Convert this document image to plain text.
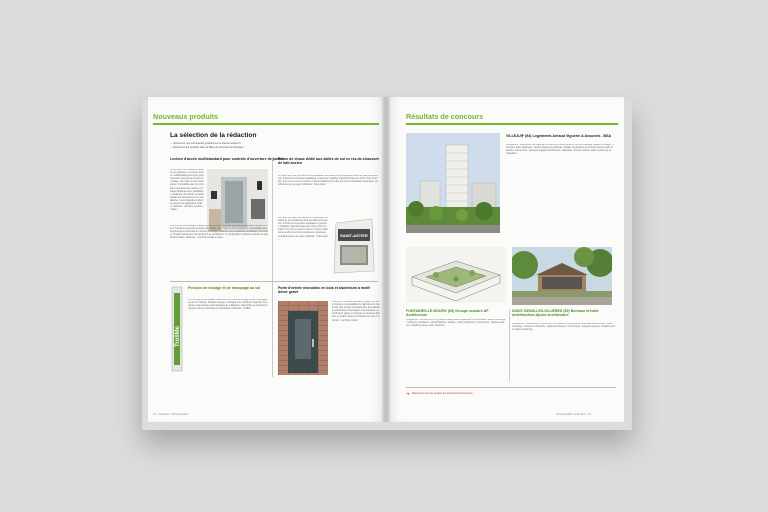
Nouveaux produits
La sélection de la rédaction
→ Retrouvez nos nouveautés produits sur le site lemoniteur.fr
→ Retrouvez les produits dans la Base de données du Moniteur
Lecteur d'accès multistandard pour contrôle d'ouverture de portes
Conçu pour une utilisation intérieure et extérieure, ce lecteur d'accès multistandard permet de gérer l'ouverture des portes à l'aide d'un badge, d'un code ou d'un smartphone. Compatible avec les principaux protocoles du marché, il s'intègre facilement aux installations existantes. Son boîtier compact résiste aux intempéries et au vandalisme. La configuration s'effectue depuis une application dédiée. Fabricant : voir fiche produit en ligne.
Conçu pour une utilisation intérieure et extérieure, ce lecteur d'accès multistandard permet de gérer l'ouverture des portes à l'aide d'un badge, d'un code ou d'un smartphone. Compatible avec les principaux protocoles du marché, il s'intègre facilement aux installations existantes. Son boîtier compact résiste aux intempéries et au vandalisme. La configuration s'effectue depuis une application dédiée. Fabricant : voir fiche produit en ligne.
Béton de chaux dédié aux dalles de sol en rez-de-chaussée de bâti ancien
Ce béton de chaux est destiné à la réalisation de dalles de sol respirantes dans les bâtiments anciens. Il limite les remontées capillaires et préserve l'équilibre hygrothermique des murs. Prêt à l'emploi, il se met en œuvre comme un béton traditionnel et offre une bonne résistance mécanique. Conditionnement en sacs. Fabricant : Saint-Astier.
Ce béton de chaux est destiné à la réalisation de dalles de sol respirantes dans les bâtiments anciens. Il limite les remontées capillaires et préserve l'équilibre hygrothermique des murs. Prêt à l'emploi, il se met en œuvre comme un béton traditionnel et offre une bonne résistance mécanique. Conditionnement en sacs. Fabricant : Saint-Astier.
SAINT-ASTIER
TrollMe
Poinçon de forçage et de marquage au sol
Cet outil permet de réaliser facilement des trous de forçage et des marquages au sol sur chantier. Robuste et léger, il s'adapte à de nombreux supports. Sa poignée ergonomique réduit la fatigue de l'utilisateur. Disponible en plusieurs longueurs chez les distributeurs spécialisés. Fabricant : TrollMe.
Porte d'entrée monobloc en bois et aluminium à motif décor gravé
Cette porte d'entrée associe la chaleur du bois à l'intérieur et la durabilité de l'aluminium à l'extérieur. Son ouvrant monobloc offre d'excellentes performances thermiques et acoustiques. Le motif décor gravé est proposé en plusieurs finitions et coloris. Serrure multipoints de série. Fabricant : voir fiche produit.
78 • le Moniteur • 29 février 2024
Résultats de concours
VILLEJUIF (94) Logements Arnaud Viguerie & Associés - BSA
Programme : construction de logements collectifs et commerces en rez-de-chaussée. Maître d'ouvrage : promoteur privé. Architecte : Arnaud Viguerie & Associés. Surface de plancher et coût des travaux selon le dossier. Concurrents : plusieurs équipes d'architectes. Calendrier : livraison prévue selon le planning de l'opération.
FONTAINES-LE-BOURG (69) Groupe scolaire AP Architecture
Programme : construction d'un groupe scolaire avec restauration et périscolaire. Maître d'ouvrage : commune. Architecte : AP Architecture. Surface : selon programme. Concurrents : équipes retenues. Livraison prévue selon calendrier.
SAINT-GENIS-LES-OLLIÈRES (69) Bureaux et halle multifonction Ajuste Architecture
Programme : réhabilitation et extension de bureaux et construction d'une halle multifonction. Maître d'ouvrage : commune. Architecte : Ajuste Architecture. Concurrents : équipes retenues. Livraison prévue selon le planning.
➜ Retrouvez tous les projets sur lemoniteur.fr/concours
29 février 2024 • le Moniteur • 79
